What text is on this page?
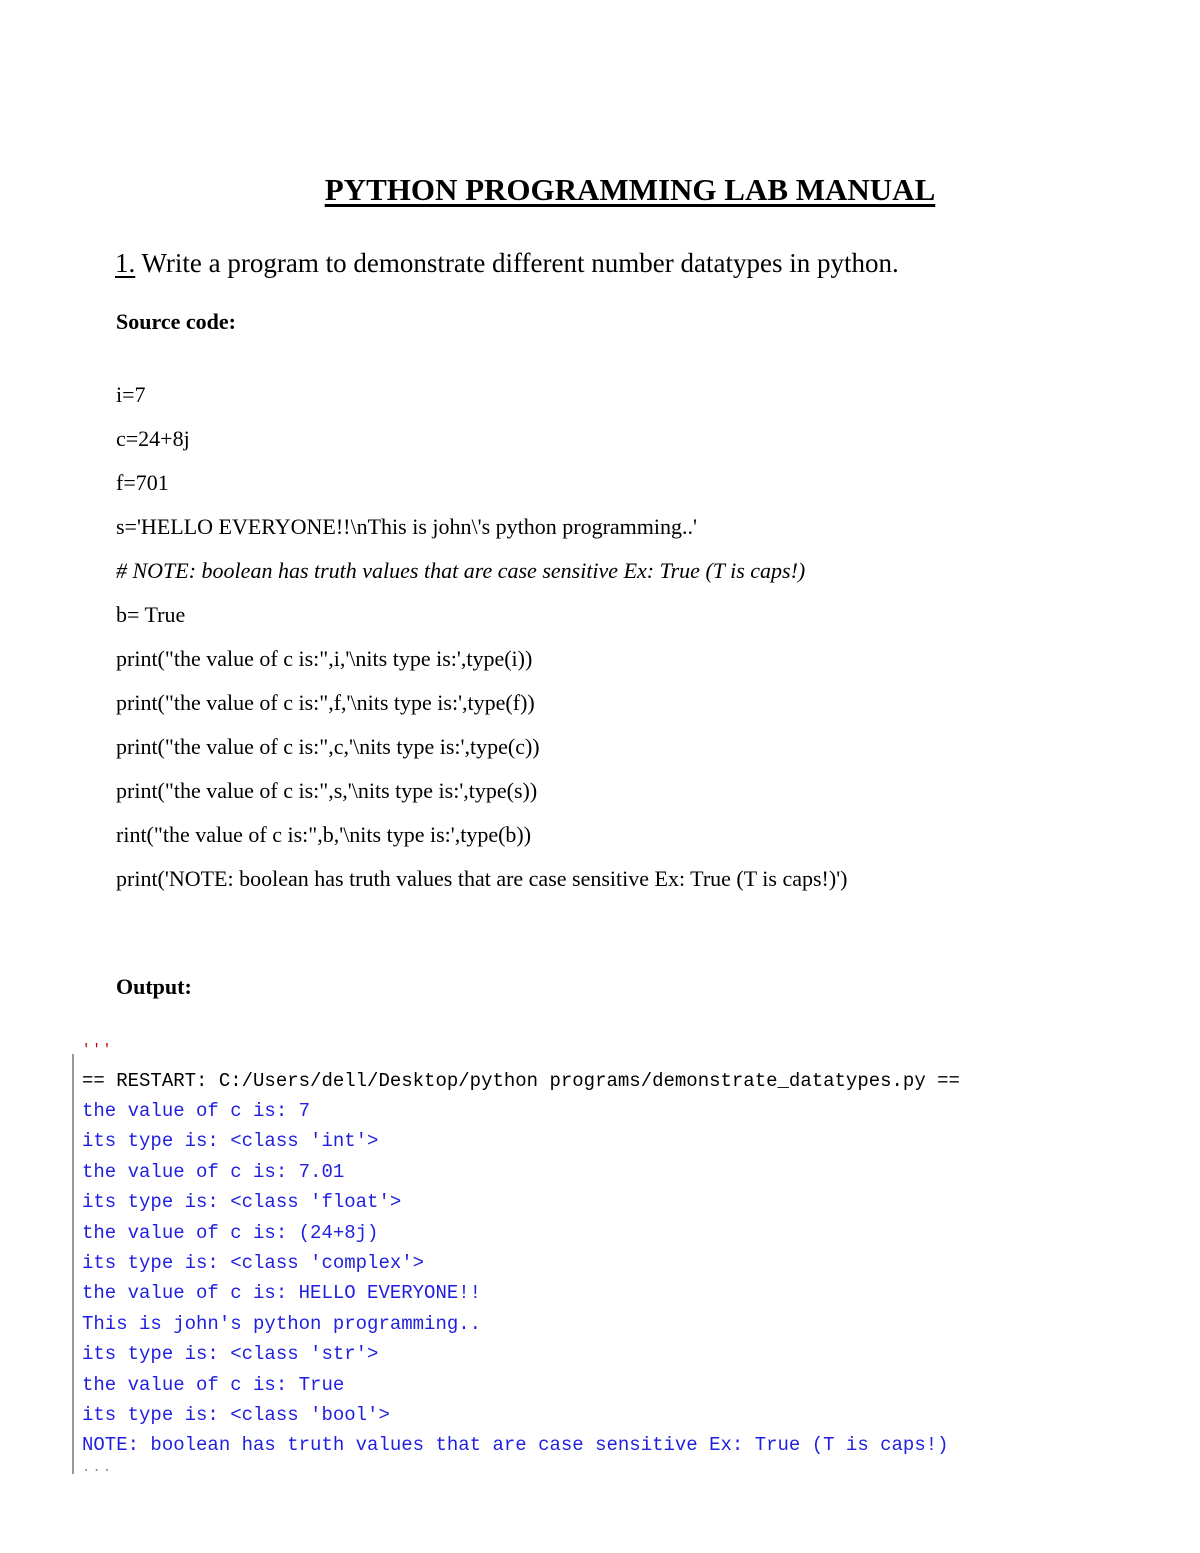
PYTHON PROGRAMMING LAB MANUAL
1. Write a program to demonstrate different number datatypes in python.
Source code:
i=7
c=24+8j
f=701
s='HELLO EVERYONE!!\nThis is john\'s python programming..'
# NOTE: boolean has truth values that are case sensitive Ex: True (T is caps!)
b= True
print("the value of c is:",i,'\nits type is:',type(i))
print("the value of c is:",f,'\nits type is:',type(f))
print("the value of c is:",c,'\nits type is:',type(c))
print("the value of c is:",s,'\nits type is:',type(s))
rint("the value of c is:",b,'\nits type is:',type(b))
print('NOTE: boolean has truth values that are case sensitive Ex: True (T is caps!)')
Output:
'''
== RESTART: C:/Users/dell/Desktop/python programs/demonstrate_datatypes.py ==
the value of c is: 7
its type is: <class 'int'>
the value of c is: 7.01
its type is: <class 'float'>
the value of c is: (24+8j)
its type is: <class 'complex'>
the value of c is: HELLO EVERYONE!!
This is john's python programming..
its type is: <class 'str'>
the value of c is: True
its type is: <class 'bool'>
NOTE: boolean has truth values that are case sensitive Ex: True (T is caps!)
...
